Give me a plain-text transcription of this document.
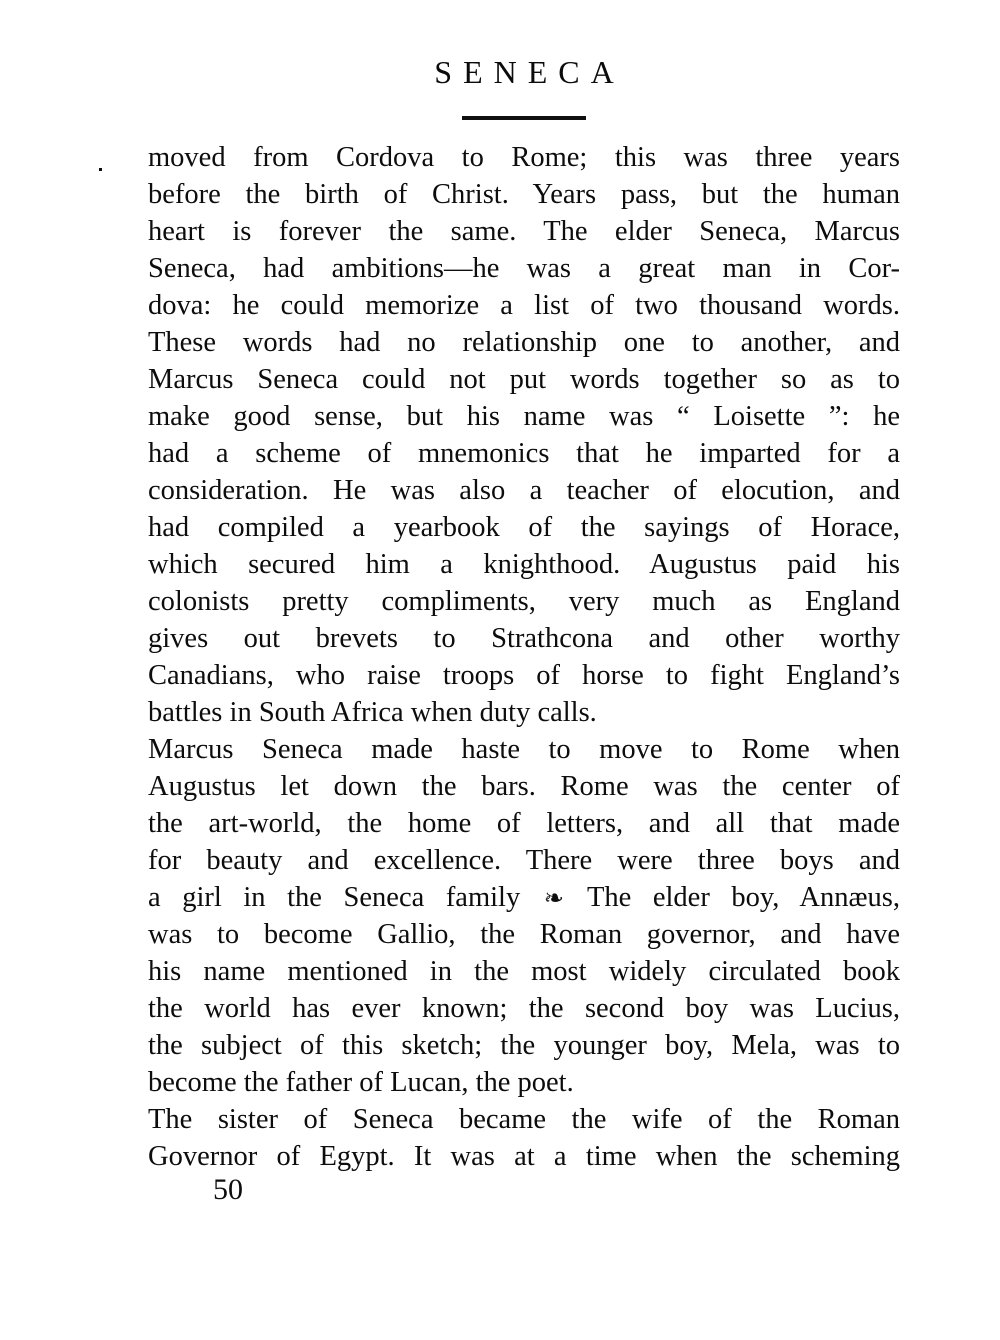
SENECA
moved from Cordova to Rome; this was three years
before the birth of Christ. Years pass, but the human
heart is forever the same. The elder Seneca, Marcus
Seneca, had ambitions—he was a great man in Cor-
dova: he could memorize a list of two thousand words.
These words had no relationship one to another, and
Marcus Seneca could not put words together so as to
make good sense, but his name was “ Loisette ”: he
had a scheme of mnemonics that he imparted for a
consideration. He was also a teacher of elocution, and
had compiled a yearbook of the sayings of Horace,
which secured him a knighthood. Augustus paid his
colonists pretty compliments, very much as England
gives out brevets to Strathcona and other worthy
Canadians, who raise troops of horse to fight England’s
battles in South Africa when duty calls.
Marcus Seneca made haste to move to Rome when
Augustus let down the bars. Rome was the center of
the art-world, the home of letters, and all that made
for beauty and excellence. There were three boys and
a girl in the Seneca family ❧ The elder boy, Annæus,
was to become Gallio, the Roman governor, and have
his name mentioned in the most widely circulated book
the world has ever known; the second boy was Lucius,
the subject of this sketch; the younger boy, Mela, was to
become the father of Lucan, the poet.
The sister of Seneca became the wife of the Roman
Governor of Egypt. It was at a time when the scheming
50
